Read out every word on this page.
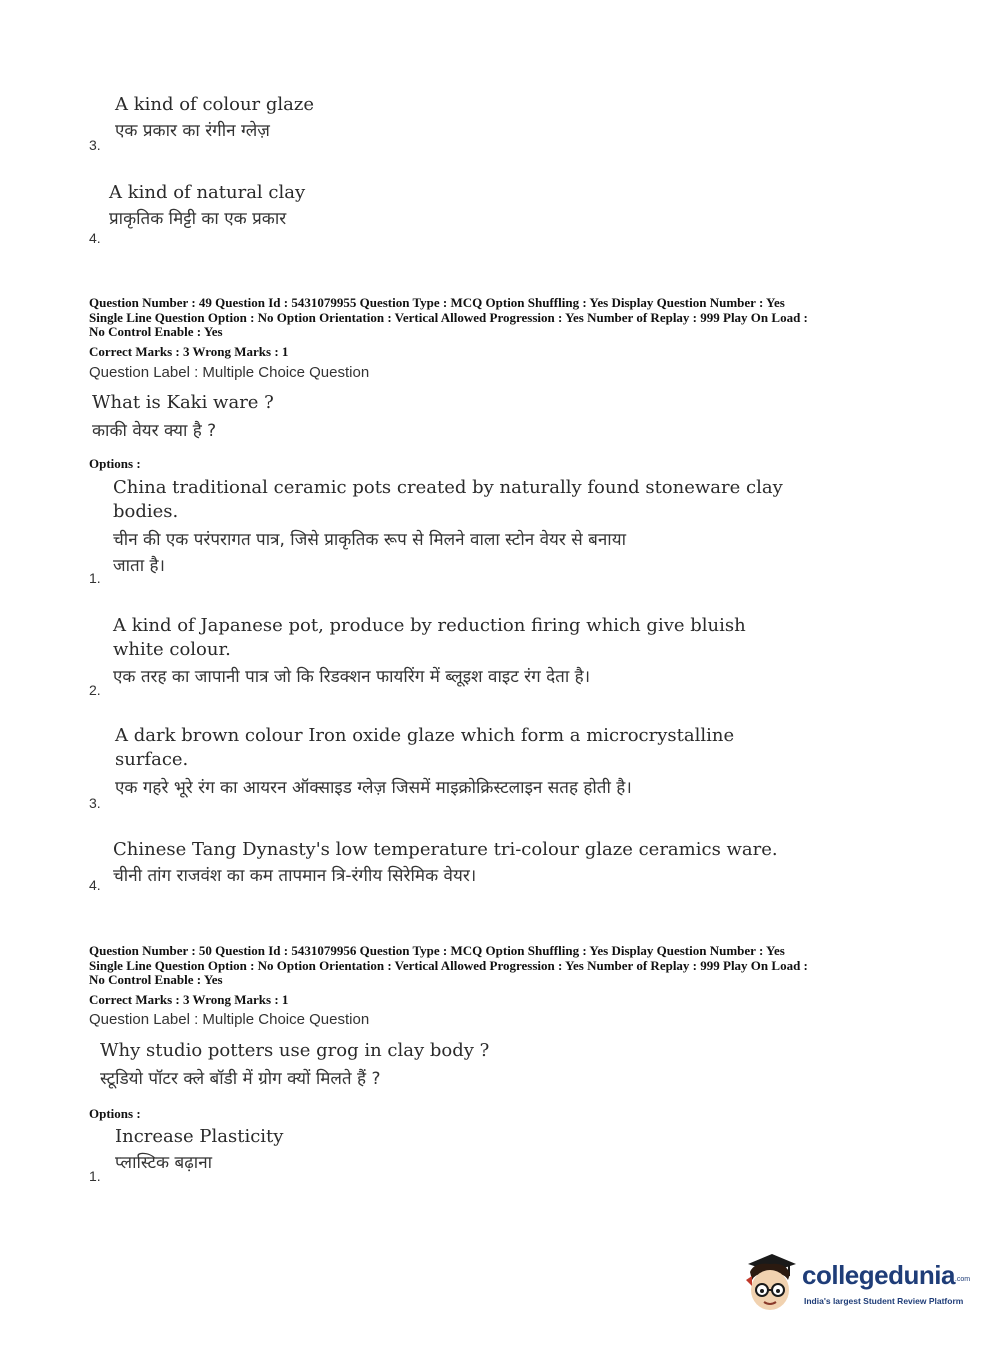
A kind of colour glaze
एक प्रकार का रंगीन ग्लेज़
3.
A kind of natural clay
प्राकृतिक मिट्टी का एक प्रकार
4.
Question Number : 49 Question Id : 5431079955 Question Type : MCQ Option Shuffling : Yes Display Question Number : Yes
Single Line Question Option : No Option Orientation : Vertical Allowed Progression : Yes Number of Replay : 999 Play On Load :
No Control Enable : Yes
Correct Marks : 3 Wrong Marks : 1
Question Label : Multiple Choice Question
What is Kaki ware ?
काकी वेयर क्या है ?
Options :
China traditional ceramic pots created by naturally found stoneware clay
bodies.
चीन की एक परंपरागत पात्र, जिसे प्राकृतिक रूप से मिलने वाला स्टोन वेयर से बनाया
जाता है।
1.
A kind of Japanese pot, produce by reduction firing which give bluish
white colour.
एक तरह का जापानी पात्र जो कि रिडक्शन फायरिंग में ब्लूइश वाइट रंग देता है।
2.
A dark brown colour Iron oxide glaze which form a microcrystalline
surface.
एक गहरे भूरे रंग का आयरन ऑक्साइड ग्लेज़ जिसमें माइक्रोक्रिस्टलाइन सतह होती है।
3.
Chinese Tang Dynasty's low temperature tri-colour glaze ceramics ware.
चीनी तांग राजवंश का कम तापमान त्रि-रंगीय सिरेमिक वेयर।
4.
Question Number : 50 Question Id : 5431079956 Question Type : MCQ Option Shuffling : Yes Display Question Number : Yes
Single Line Question Option : No Option Orientation : Vertical Allowed Progression : Yes Number of Replay : 999 Play On Load :
No Control Enable : Yes
Correct Marks : 3 Wrong Marks : 1
Question Label : Multiple Choice Question
Why studio potters use grog in clay body ?
स्टूडियो पॉटर क्ले बॉडी में ग्रोग क्यों मिलते हैं ?
Options :
Increase Plasticity
प्लास्टिक बढ़ाना
1.
collegedunia.com
India's largest Student Review Platform
